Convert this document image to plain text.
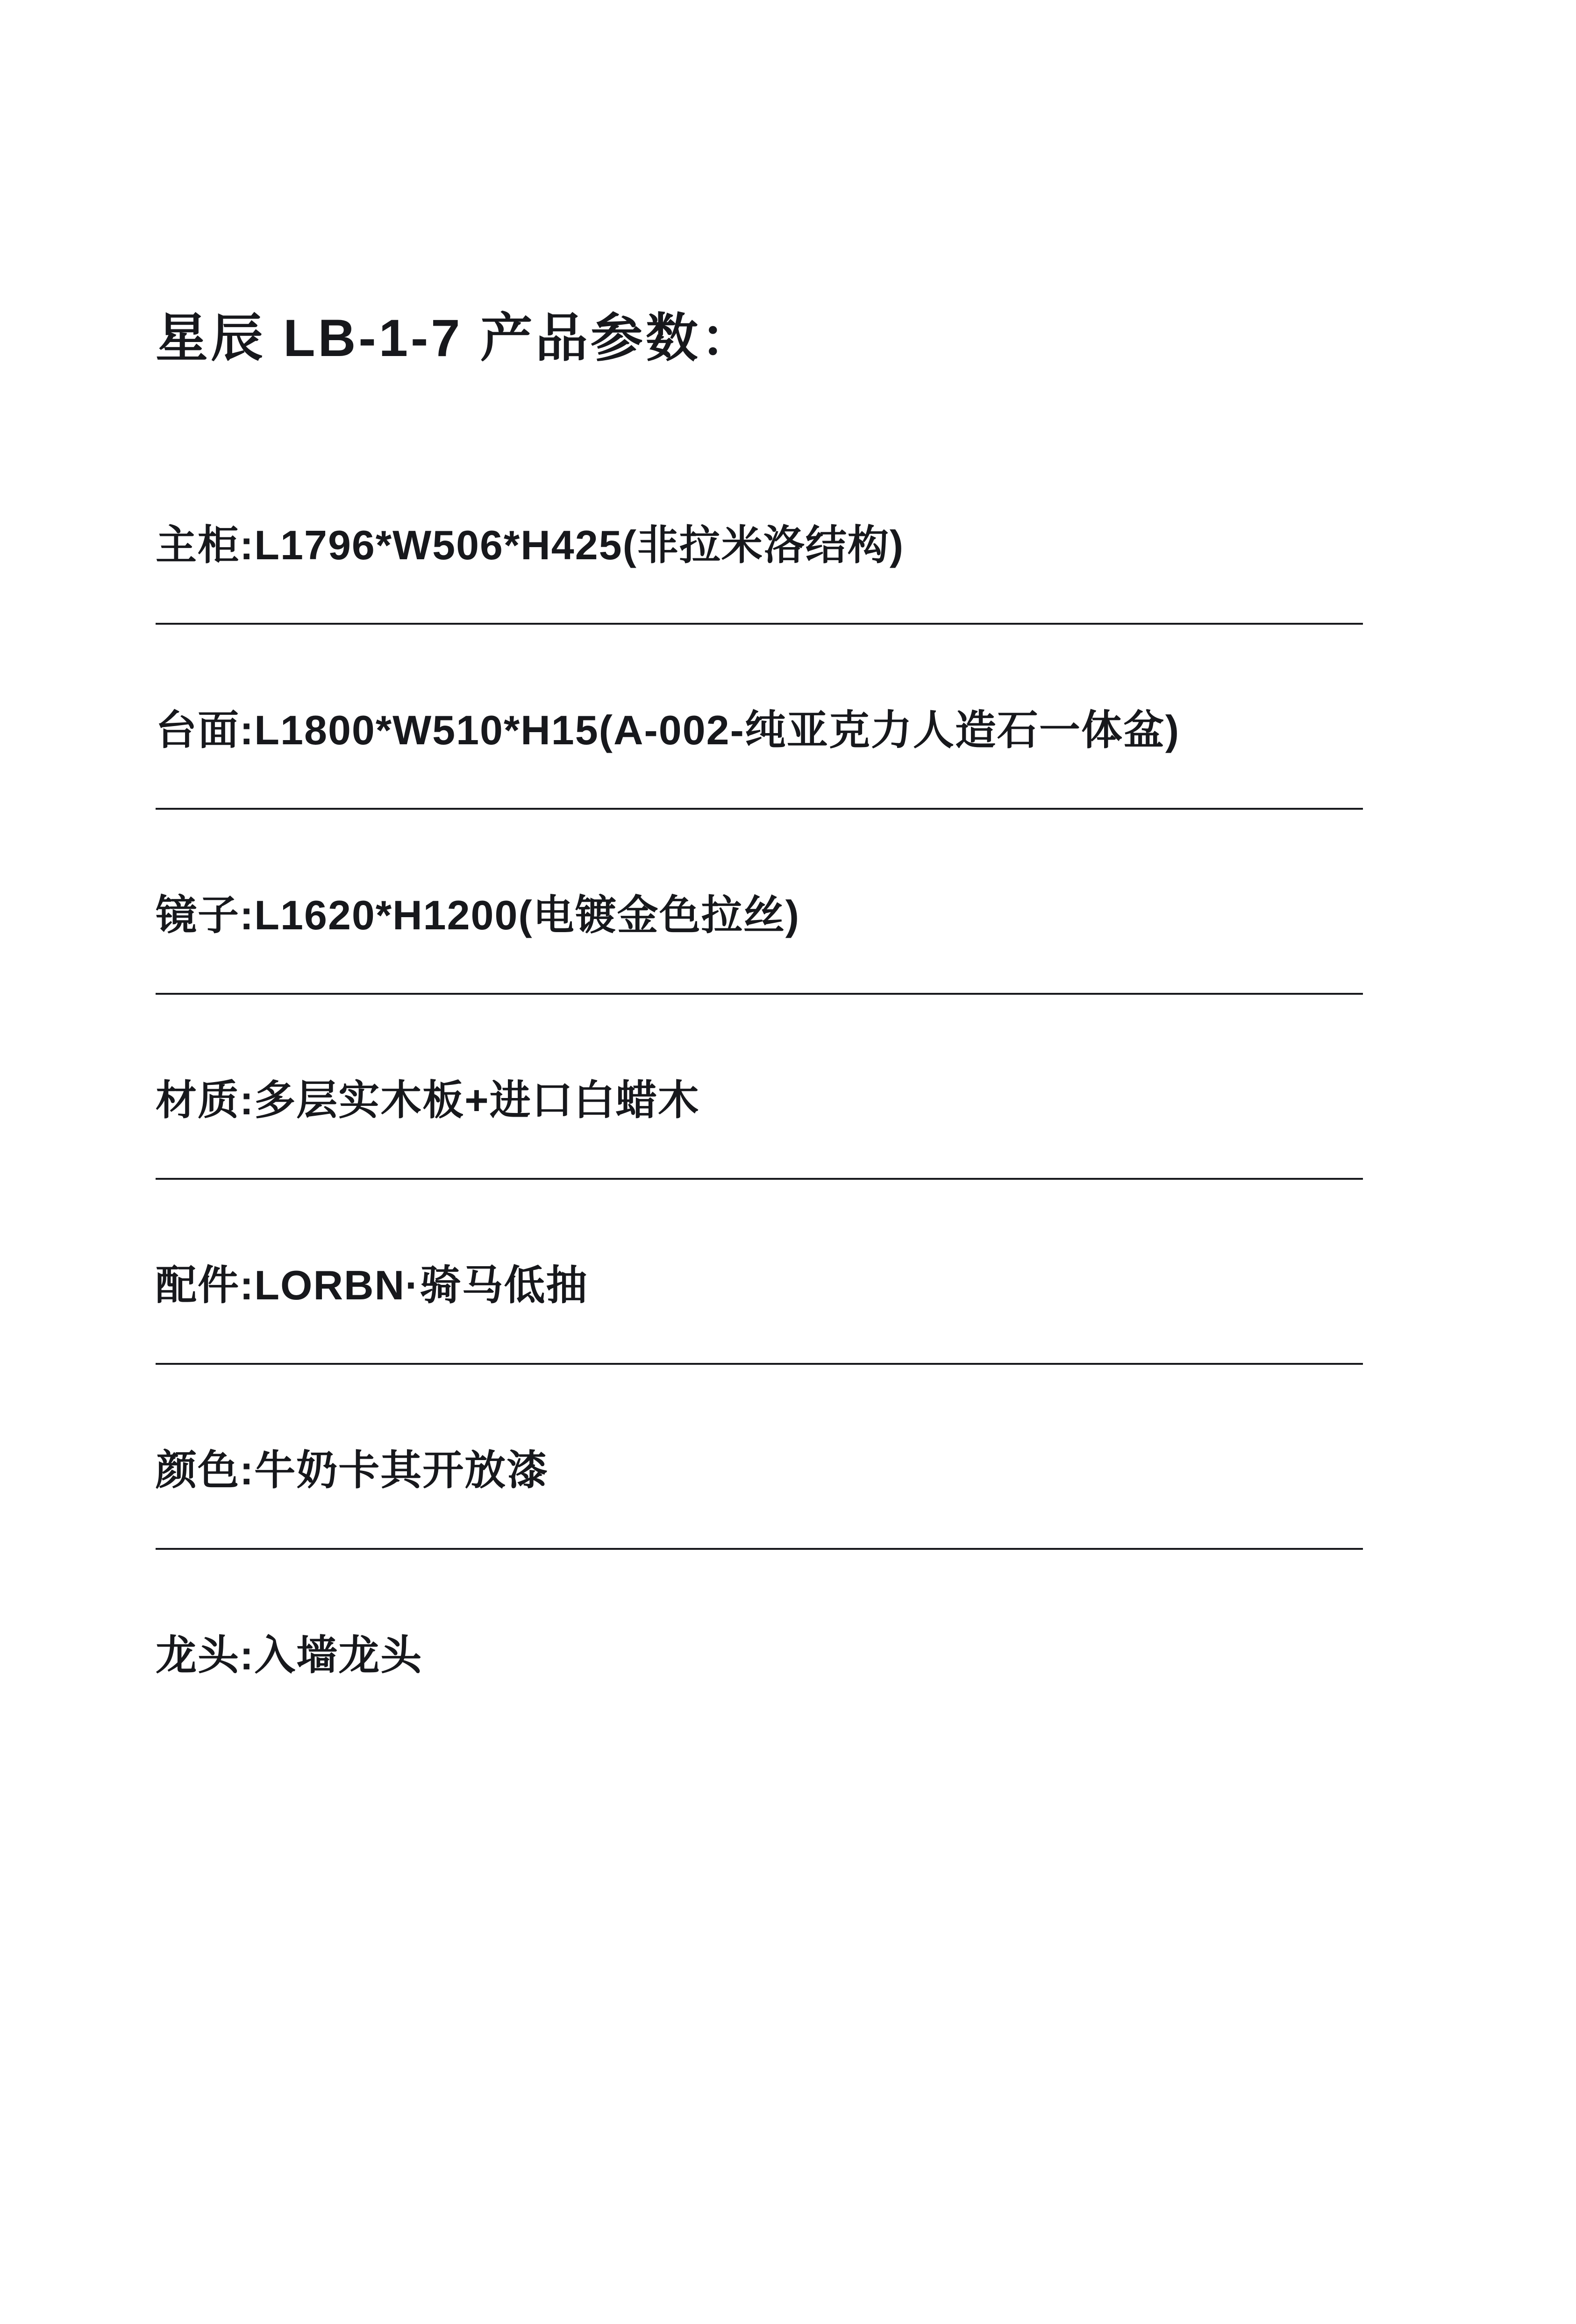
星辰 LB-1-7 产品参数：

主柜:L1796*W506*H425(非拉米洛结构)

台面:L1800*W510*H15(A-002-纯亚克力人造石一体盆)

镜子:L1620*H1200(电镀金色拉丝)

材质:多层实木板+进口白蜡木

配件:LORBN·骑马低抽

颜色:牛奶卡其开放漆

龙头:入墙龙头
